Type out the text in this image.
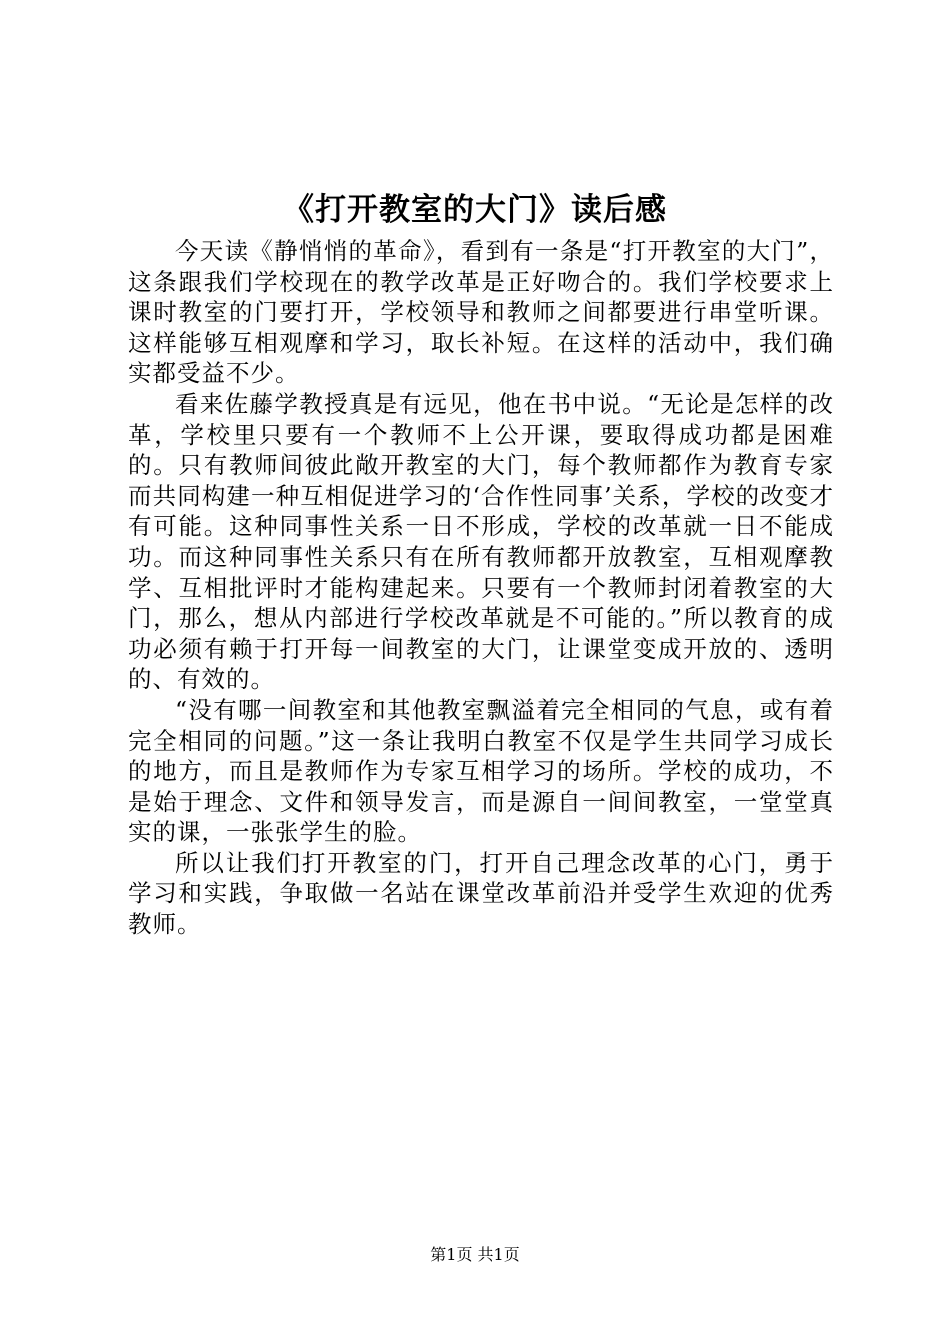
《打开教室的大门》读后感

今天读《静悄悄的革命》，看到有一条是“打开教室的大门”，这条跟我们学校现在的教学改革是正好吻合的。我们学校要求上课时教室的门要打开，学校领导和教师之间都要进行串堂听课。这样能够互相观摩和学习，取长补短。在这样的活动中，我们确实都受益不少。

看来佐藤学教授真是有远见，他在书中说。“无论是怎样的改革，学校里只要有一个教师不上公开课，要取得成功都是困难的。只有教师间彼此敞开教室的大门，每个教师都作为教育专家而共同构建一种互相促进学习的‘合作性同事’关系，学校的改变才有可能。这种同事性关系一日不形成，学校的改革就一日不能成功。而这种同事性关系只有在所有教师都开放教室，互相观摩教学、互相批评时才能构建起来。只要有一个教师封闭着教室的大门，那么，想从内部进行学校改革就是不可能的。”所以教育的成功必须有赖于打开每一间教室的大门，让课堂变成开放的、透明的、有效的。

“没有哪一间教室和其他教室飘溢着完全相同的气息，或有着完全相同的问题。”这一条让我明白教室不仅是学生共同学习成长的地方，而且是教师作为专家互相学习的场所。学校的成功，不是始于理念、文件和领导发言，而是源自一间间教室，一堂堂真实的课，一张张学生的脸。

所以让我们打开教室的门，打开自己理念改革的心门，勇于学习和实践，争取做一名站在课堂改革前沿并受学生欢迎的优秀教师。

第1页 共1页
